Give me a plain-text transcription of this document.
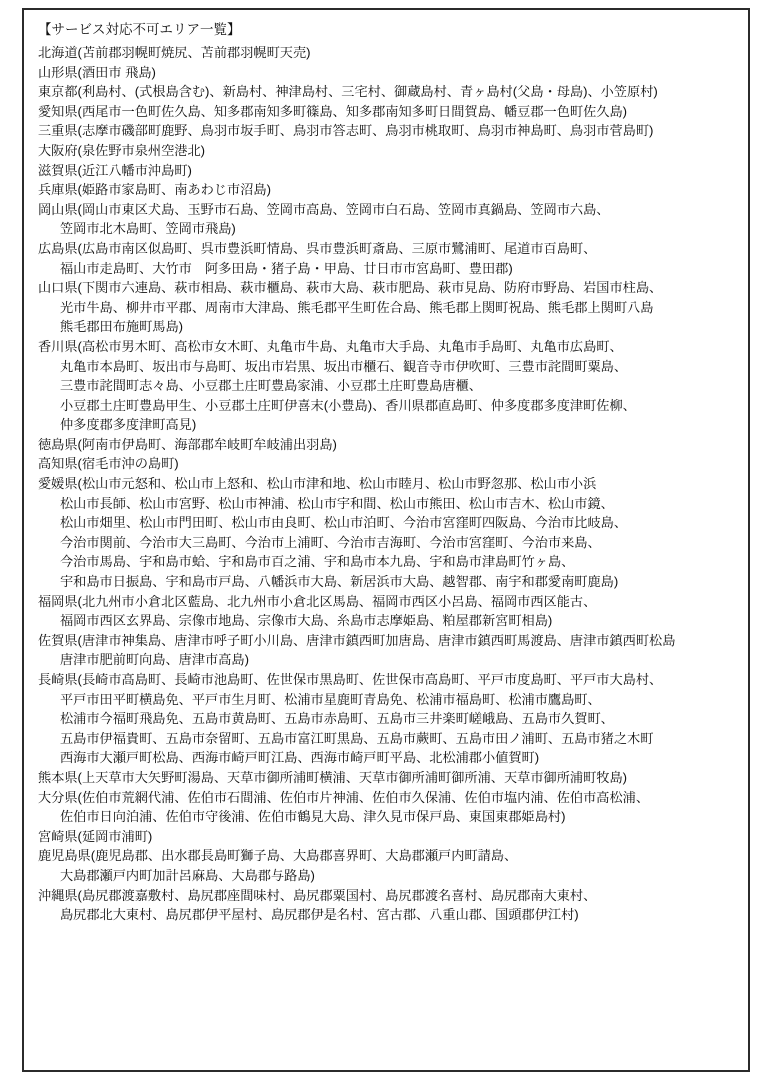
【サービス対応不可エリア一覧】
北海道(苫前郡羽幌町焼尻、苫前郡羽幌町天売)
山形県(酒田市 飛島)
東京都(利島村、(式根島含む)、新島村、神津島村、三宅村、御蔵島村、青ヶ島村(父島・母島)、小笠原村)
愛知県(西尾市一色町佐久島、知多郡南知多町篠島、知多郡南知多町日間賀島、幡豆郡一色町佐久島)
三重県(志摩市磯部町鹿野、鳥羽市坂手町、鳥羽市答志町、鳥羽市桃取町、鳥羽市神島町、鳥羽市菅島町)
大阪府(泉佐野市泉州空港北)
滋賀県(近江八幡市沖島町)
兵庫県(姫路市家島町、南あわじ市沼島)
岡山県(岡山市東区犬島、玉野市石島、笠岡市高島、笠岡市白石島、笠岡市真鍋島、笠岡市六島、
笠岡市北木島町、笠岡市飛島)
広島県(広島市南区似島町、呉市豊浜町情島、呉市豊浜町斎島、三原市鷺浦町、尾道市百島町、
福山市走島町、大竹市　阿多田島・猪子島・甲島、廿日市市宮島町、豊田郡)
山口県(下関市六連島、萩市相島、萩市櫃島、萩市大島、萩市肥島、萩市見島、防府市野島、岩国市柱島、
光市牛島、柳井市平郡、周南市大津島、熊毛郡平生町佐合島、熊毛郡上関町祝島、熊毛郡上関町八島
熊毛郡田布施町馬島)
香川県(高松市男木町、高松市女木町、丸亀市牛島、丸亀市大手島、丸亀市手島町、丸亀市広島町、
丸亀市本島町、坂出市与島町、坂出市岩黒、坂出市櫃石、観音寺市伊吹町、三豊市詫間町粟島、
三豊市詫間町志々島、小豆郡土庄町豊島家浦、小豆郡土庄町豊島唐櫃、
小豆郡土庄町豊島甲生、小豆郡土庄町伊喜末(小豊島)、香川県郡直島町、仲多度郡多度津町佐柳、
仲多度郡多度津町高見)
徳島県(阿南市伊島町、海部郡牟岐町牟岐浦出羽島)
高知県(宿毛市沖の島町)
愛媛県(松山市元怒和、松山市上怒和、松山市津和地、松山市睦月、松山市野忽那、松山市小浜
松山市長師、松山市宮野、松山市神浦、松山市宇和間、松山市熊田、松山市吉木、松山市鏡、
松山市畑里、松山市門田町、松山市由良町、松山市泊町、今治市宮窪町四阪島、今治市比岐島、
今治市関前、今治市大三島町、今治市上浦町、今治市吉海町、今治市宮窪町、今治市来島、
今治市馬島、宇和島市蛤、宇和島市百之浦、宇和島市本九島、宇和島市津島町竹ヶ島、
宇和島市日振島、宇和島市戸島、八幡浜市大島、新居浜市大島、越智郡、南宇和郡愛南町鹿島)
福岡県(北九州市小倉北区藍島、北九州市小倉北区馬島、福岡市西区小呂島、福岡市西区能古、
福岡市西区玄界島、宗像市地島、宗像市大島、糸島市志摩姫島、粕屋郡新宮町相島)
佐賀県(唐津市神集島、唐津市呼子町小川島、唐津市鎮西町加唐島、唐津市鎮西町馬渡島、唐津市鎮西町松島
唐津市肥前町向島、唐津市高島)
長崎県(長崎市高島町、長崎市池島町、佐世保市黒島町、佐世保市高島町、平戸市度島町、平戸市大島村、
平戸市田平町横島免、平戸市生月町、松浦市星鹿町青島免、松浦市福島町、松浦市鷹島町、
松浦市今福町飛島免、五島市黄島町、五島市赤島町、五島市三井楽町嵯峨島、五島市久賀町、
五島市伊福貴町、五島市奈留町、五島市富江町黒島、五島市蕨町、五島市田ノ浦町、五島市猪之木町
西海市大瀬戸町松島、西海市崎戸町江島、西海市崎戸町平島、北松浦郡小値賀町)
熊本県(上天草市大矢野町湯島、天草市御所浦町横浦、天草市御所浦町御所浦、天草市御所浦町牧島)
大分県(佐伯市荒網代浦、佐伯市石間浦、佐伯市片神浦、佐伯市久保浦、佐伯市塩内浦、佐伯市高松浦、
佐伯市日向泊浦、佐伯市守後浦、佐伯市鶴見大島、津久見市保戸島、東国東郡姫島村)
宮崎県(延岡市浦町)
鹿児島県(鹿児島郡、出水郡長島町獅子島、大島郡喜界町、大島郡瀬戸内町請島、
大島郡瀬戸内町加計呂麻島、大島郡与路島)
沖縄県(島尻郡渡嘉敷村、島尻郡座間味村、島尻郡粟国村、島尻郡渡名喜村、島尻郡南大東村、
島尻郡北大東村、島尻郡伊平屋村、島尻郡伊是名村、宮古郡、八重山郡、国頭郡伊江村)
